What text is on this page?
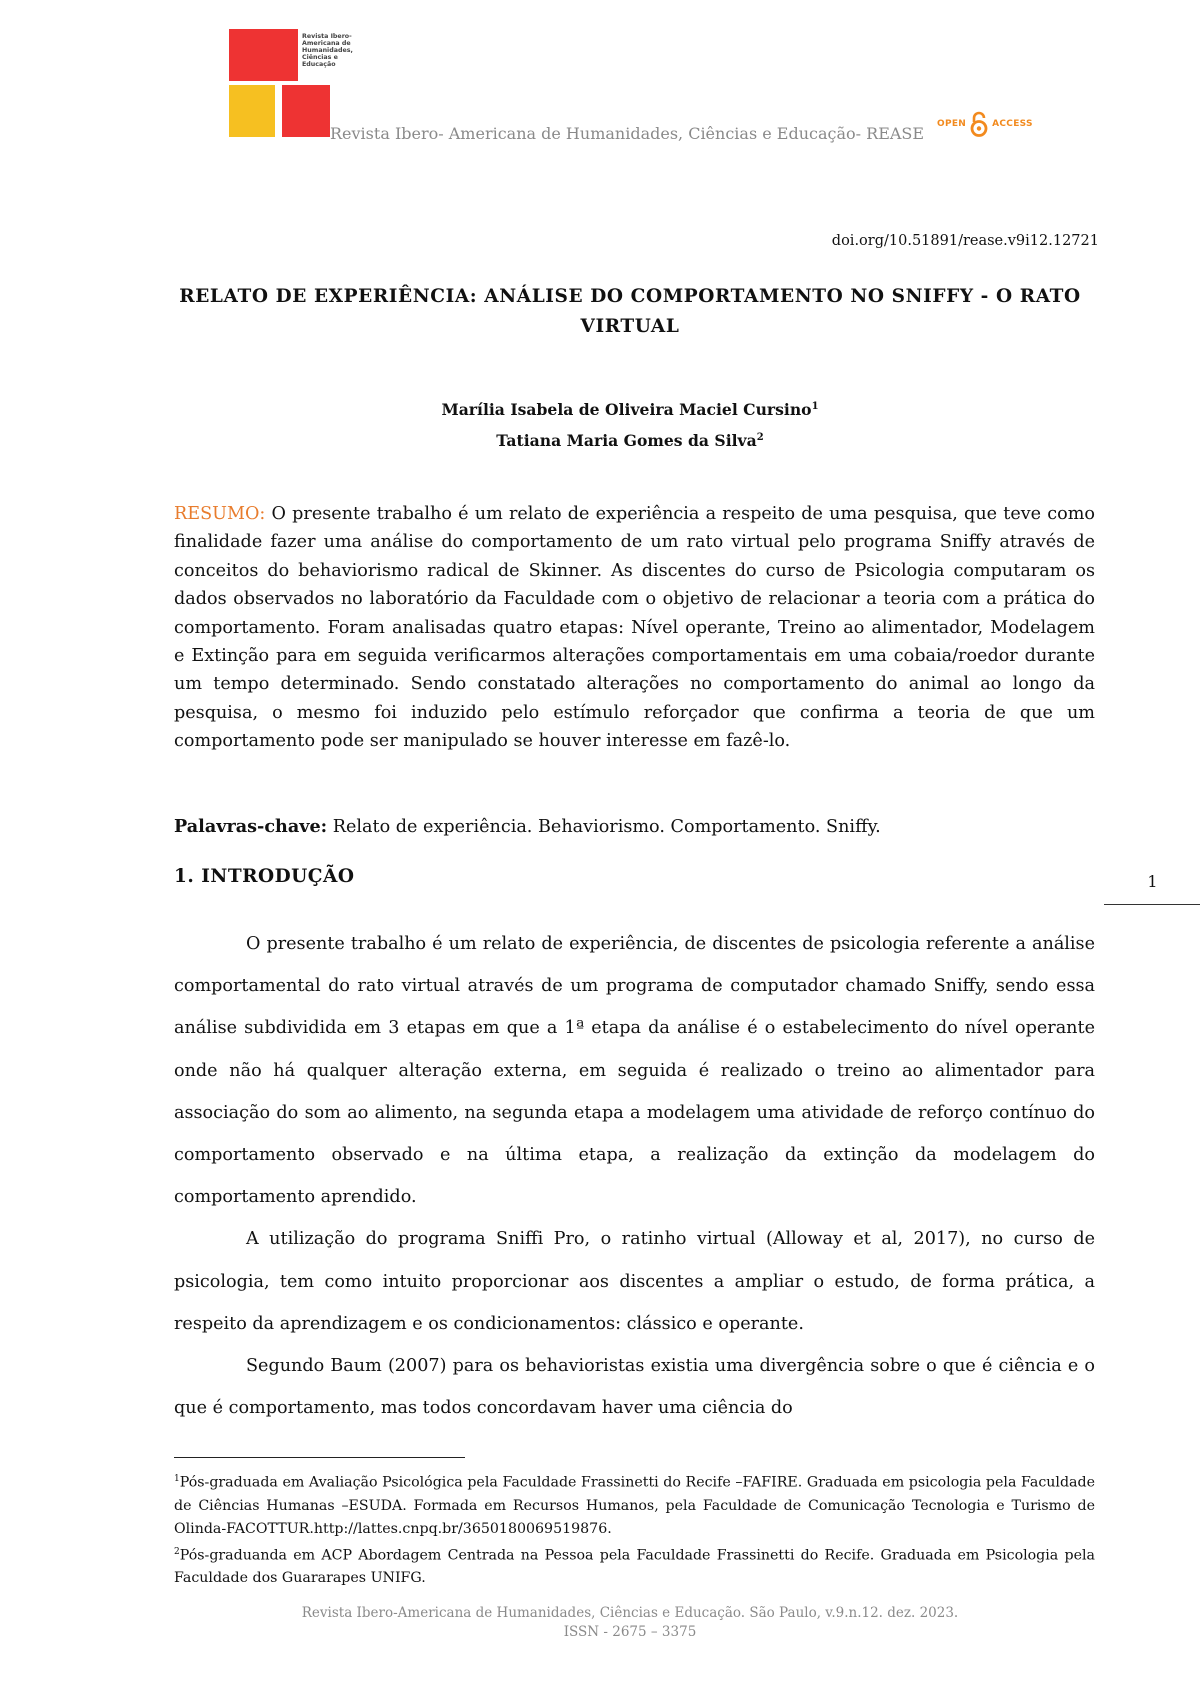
Revista Ibero-Americana de Humanidades, Ciências e Educação
Revista Ibero- Americana de Humanidades, Ciências e Educação- REASE OPEN	ACCESS
doi.org/10.51891/rease.v9i12.12721
RELATO DE EXPERIÊNCIA: ANÁLISE DO COMPORTAMENTO NO SNIFFY - O RATO VIRTUAL
Marília Isabela de Oliveira Maciel Cursino$^1$
Tatiana Maria Gomes da Silva$^2$
RESUMO: O presente trabalho é um relato de experiência a respeito de uma pesquisa, que teve como finalidade fazer uma análise do comportamento de um rato virtual pelo programa Sniffy através de conceitos do behaviorismo radical de Skinner. As discentes do curso de Psicologia computaram os dados observados no laboratório da Faculdade com o objetivo de relacionar a teoria com a prática do comportamento. Foram analisadas quatro etapas: Nível operante, Treino ao alimentador, Modelagem e Extinção para em seguida verificarmos alterações comportamentais em uma cobaia/roedor durante um tempo determinado. Sendo constatado alterações no comportamento do animal ao longo da pesquisa, o mesmo foi induzido pelo estímulo reforçador que confirma a teoria de que um comportamento pode ser manipulado se houver interesse em fazê-lo.
Palavras-chave: Relato de experiência. Behaviorismo. Comportamento. Sniffy.
1. INTRODUÇÃO	1

O presente trabalho é um relato de experiência, de discentes de psicologia referente a análise comportamental do rato virtual através de um programa de computador chamado Sniffy, sendo essa análise subdividida em 3 etapas em que a 1ª etapa da análise é o estabelecimento do nível operante onde não há qualquer alteração externa, em seguida é realizado o treino ao alimentador para associação do som ao alimento, na segunda etapa a modelagem uma atividade de reforço contínuo do comportamento observado e na última etapa, a realização da extinção da modelagem do comportamento aprendido.

A utilização do programa Sniffi Pro, o ratinho virtual (Alloway et al, 2017), no curso de psicologia, tem como intuito proporcionar aos discentes a ampliar o estudo, de forma prática, a respeito da aprendizagem e os condicionamentos: clássico e operante.

Segundo Baum (2007) para os behavioristas existia uma divergência sobre o que é ciência e o que é comportamento, mas todos concordavam haver uma ciência do

$^1$Pós-graduada em Avaliação Psicológica pela Faculdade Frassinetti do Recife –FAFIRE. Graduada em psicologia pela Faculdade de Ciências Humanas –ESUDA. Formada em Recursos Humanos, pela Faculdade de Comunicação Tecnologia e Turismo de Olinda-FACOTTUR.http://lattes.cnpq.br/3650180069519876.

$^2$Pós-graduanda em ACP Abordagem Centrada na Pessoa pela Faculdade Frassinetti do Recife. Graduada em Psicologia pela Faculdade dos Guararapes UNIFG.

Revista Ibero-Americana de Humanidades, Ciências e Educação. São Paulo, v.9.n.12. dez. 2023.
ISSN - 2675 – 3375
